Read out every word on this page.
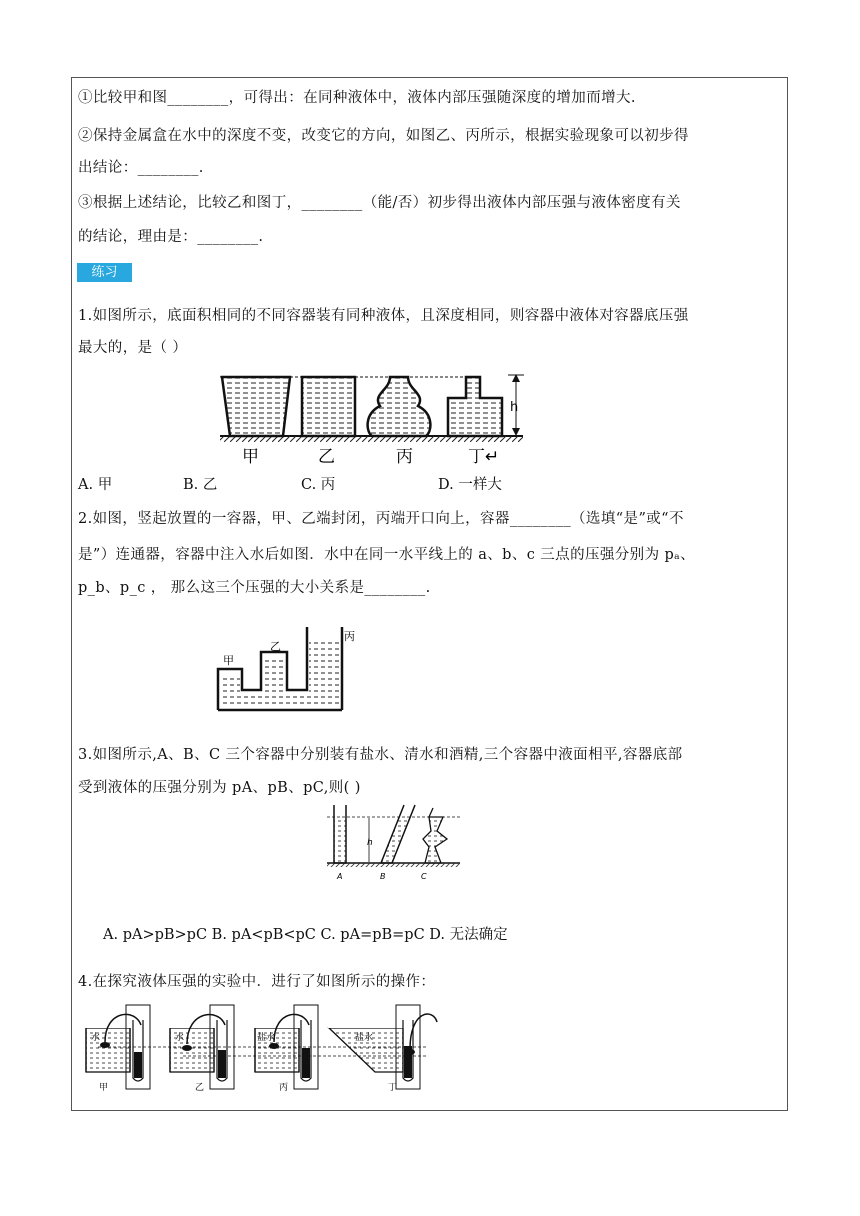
①比较甲和图________，可得出：在同种液体中，液体内部压强随深度的增加而增大.
②保持金属盒在水中的深度不变，改变它的方向，如图乙、丙所示，根据实验现象可以初步得
出结论：________.
③根据上述结论，比较乙和图丁，________（能/否）初步得出液体内部压强与液体密度有关
的结论，理由是：________.
练习
1.如图所示，底面积相同的不同容器装有同种液体，且深度相同，则容器中液体对容器底压强
最大的，是（ ）
h
甲	乙	丙	丁↵
A. 甲	B. 乙	C. 丙	D. 一样大
2.如图，竖起放置的一容器，甲、乙端封闭，丙端开口向上，容器________（选填“是”或“不
是”）连通器，容器中注入水后如图．水中在同一水平线上的 a、b、c 三点的压强分别为 pₐ、
p_b、p_c ， 那么这三个压强的大小关系是________.
甲
乙
丙
3.如图所示,A、B、C 三个容器中分别装有盐水、清水和酒精,三个容器中液面相平,容器底部
受到液体的压强分别为 pA、pB、pC,则( )
h
A	B	C
A. pA>pB>pC B. pA<pB<pC C. pA=pB=pC D. 无法确定
4.在探究液体压强的实验中．进行了如图所示的操作：
水
甲
水
乙
盐水
丙
盐水
丁
